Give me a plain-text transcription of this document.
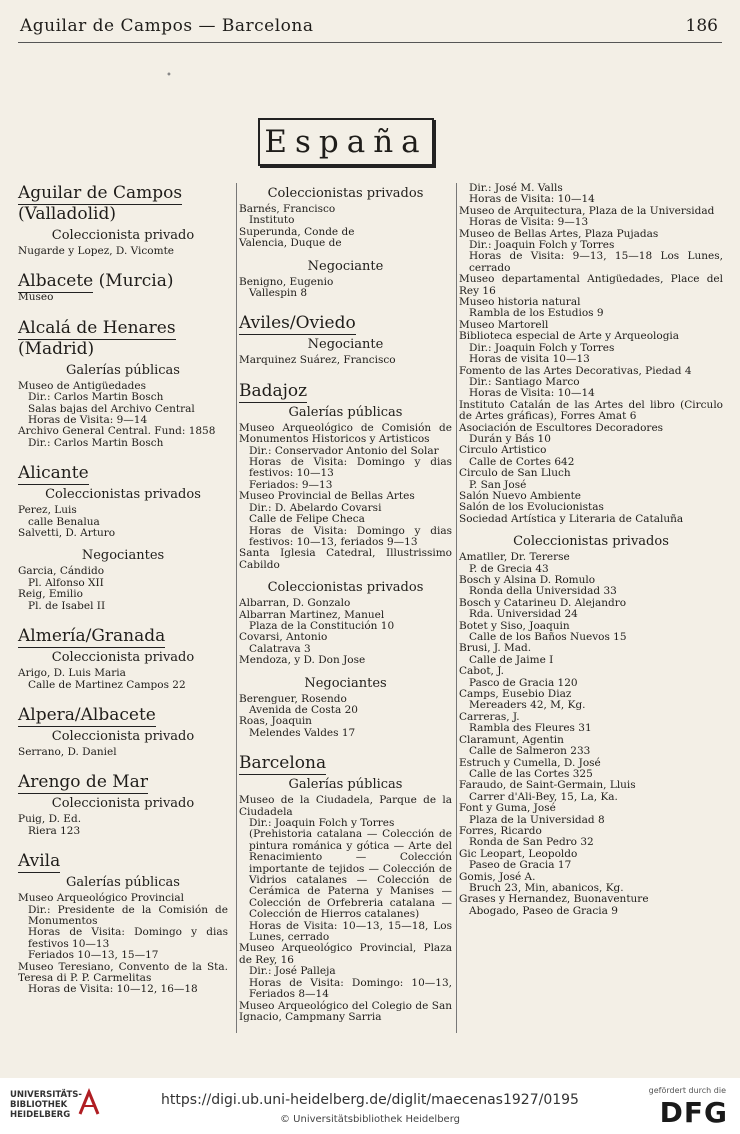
Aguilar de Campos — Barcelona	186
•
España
Aguilar de Campos
(Valladolid)
Coleccionista privado
Nugarde y Lopez, D. Vicomte
Albacete (Murcia)
Museo
Alcalá de Henares
(Madrid)
Galerías públicas
Museo de Antigüedades
Dir.: Carlos Martin Bosch
Salas bajas del Archivo Central
Horas de Visita: 9—14
Archivo General Central. Fund: 1858
Dir.: Carlos Martin Bosch
Alicante
Coleccionistas privados
Perez, Luis
calle Benalua
Salvetti, D. Arturo
Negociantes
Garcia, Cándido
Pl. Alfonso XII
Reig, Emilio
Pl. de Isabel II
Almería/Granada
Coleccionista privado
Arigo, D. Luis Maria
Calle de Martinez Campos 22
Alpera/Albacete
Coleccionista privado
Serrano, D. Daniel
Arengo de Mar
Coleccionista privado
Puig, D. Ed.
Riera 123
Avila
Galerías públicas
Museo Arqueológico Provincial
Dir.: Presidente de la Comisión de Monumentos
Horas de Visita: Domingo y dias festivos 10—13
Feriados 10—13, 15—17
Museo Teresiano, Convento de la Sta. Teresa di P. P. Carmelitas
Horas de Visita: 10—12, 16—18
Coleccionistas privados
Barnés, Francisco
Instituto
Superunda, Conde de
Valencia, Duque de
Negociante
Benigno, Eugenio
Vallespin 8
Aviles/Oviedo
Negociante
Marquinez Suárez, Francisco
Badajoz
Galerías públicas
Museo Arqueológico de Comisión de Monumentos Historicos y Artisticos
Dir.: Conservador Antonio del Solar
Horas de Visita: Domingo y dias festivos: 10—13
Feriados: 9—13
Museo Provincial de Bellas Artes
Dir.: D. Abelardo Covarsi
Calle de Felipe Checa
Horas de Visita: Domingo y dias festivos: 10—13, feriados 9—13
Santa Iglesia Catedral, Illustrissimo Cabildo
Coleccionistas privados
Albarran, D. Gonzalo
Albarran Martinez, Manuel
Plaza de la Constitución 10
Covarsi, Antonio
Calatrava 3
Mendoza, y D. Don Jose
Negociantes
Berenguer, Rosendo
Avenida de Costa 20
Roas, Joaquin
Melendes Valdes 17
Barcelona
Galerías públicas
Museo de la Ciudadela, Parque de la Ciudadela
Dir.: Joaquin Folch y Torres
(Prehistoria catalana — Colección de pintura románica y gótica — Arte del Renacimiento — Colección importante de tejidos — Colección de Vidrios catalanes — Colección de Cerámica de Paterna y Manises — Colección de Orfebreria catalana — Colección de Hierros catalanes)
Horas de Visita: 10—13, 15—18, Los Lunes, cerrado
Museo Arqueológico Provincial, Plaza de Rey, 16
Dir.: José Palleja
Horas de Visita: Domingo: 10—13, Feriados 8—14
Museo Arqueológico del Colegio de San Ignacio, Campmany Sarria
Dir.: José M. Valls
Horas de Visita: 10—14
Museo de Arquitectura, Plaza de la Universidad
Horas de Visita: 9—13
Museo de Bellas Artes, Plaza Pujadas
Dir.: Joaquin Folch y Torres
Horas de Visita: 9—13, 15—18 Los Lunes, cerrado
Museo departamental Antigüedades, Place del Rey 16
Museo historia natural
Rambla de los Estudios 9
Museo Martorell
Biblioteca especial de Arte y Arqueologia
Dir.: Joaquin Folch y Torres
Horas de visita 10—13
Fomento de las Artes Decorativas, Piedad 4
Dir.: Santiago Marco
Horas de Visita: 10—14
Instituto Catalán de las Artes del libro (Circulo de Artes gráficas), Forres Amat 6
Asociación de Escultores Decoradores
Durán y Bás 10
Circulo Artistico
Calle de Cortes 642
Circulo de San Lluch
P. San José
Salón Nuevo Ambiente
Salón de los Evolucionistas
Sociedad Artística y Literaria de Cataluña
Coleccionistas privados
Amatller, Dr. Tererse
P. de Grecia 43
Bosch y Alsina D. Romulo
Ronda della Universidad 33
Bosch y Catarineu D. Alejandro
Rda. Universidad 24
Botet y Siso, Joaquin
Calle de los Baños Nuevos 15
Brusi, J. Mad.
Calle de Jaime I
Cabot, J.
Pasco de Gracia 120
Camps, Eusebio Diaz
Mereaders 42, M, Kg.
Carreras, J.
Rambla des Fleures 31
Claramunt, Agentin
Calle de Salmeron 233
Estruch y Cumella, D. José
Calle de las Cortes 325
Faraudo, de Saint-Germain, Lluis
Carrer d'Ali-Bey, 15, La, Ka.
Font y Guma, José
Plaza de la Universidad 8
Forres, Ricardo
Ronda de San Pedro 32
Gic Leopart, Leopoldo
Paseo de Gracia 17
Gomis, José A.
Bruch 23, Min, abanicos, Kg.
Grases y Hernandez, Buonaventure
Abogado, Paseo de Gracia 9
UNIVERSITÄTS-
BIBLIOTHEK
HEIDELBERG
https://digi.ub.uni-heidelberg.de/diglit/maecenas1927/0195
© Universitätsbibliothek Heidelberg
gefördert durch die
DFG
